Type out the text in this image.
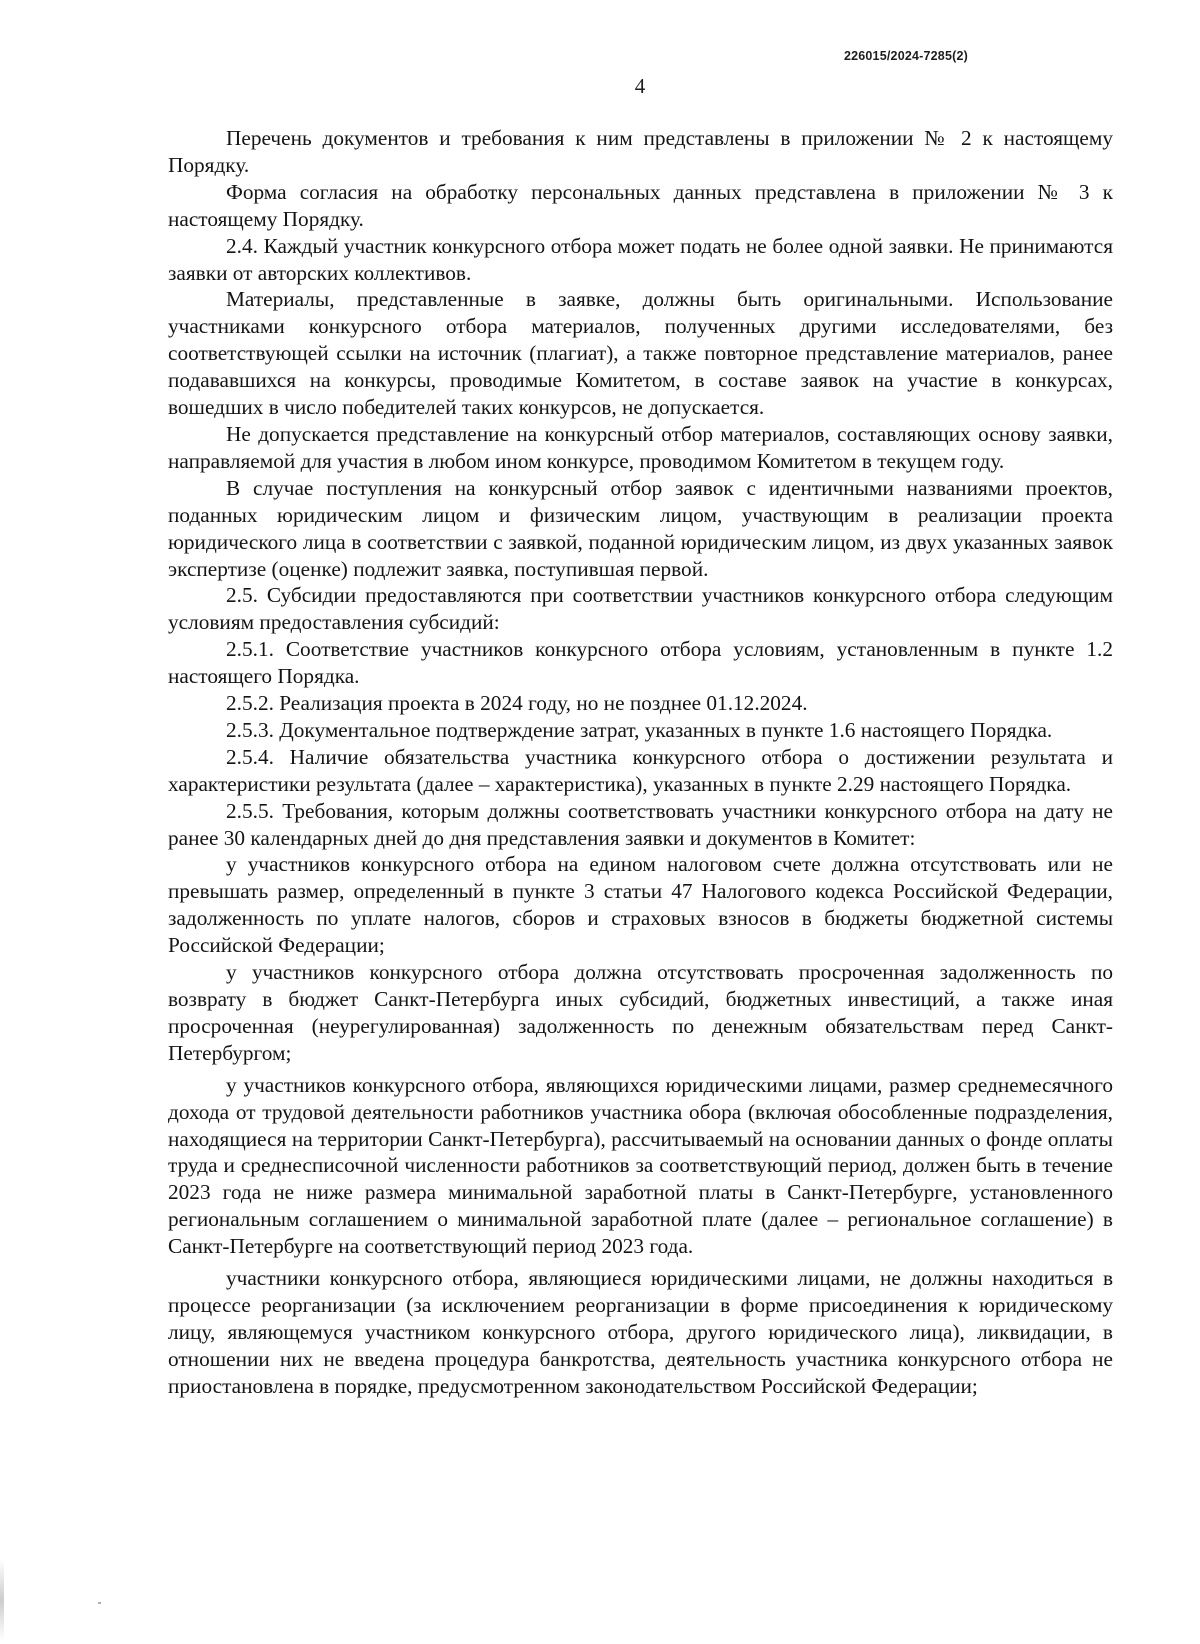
226015/2024-7285(2)
4

Перечень документов и требования к ним представлены в приложении № 2 к настоящему Порядку.

Форма согласия на обработку персональных данных представлена в приложении № 3 к настоящему Порядку.

2.4. Каждый участник конкурсного отбора может подать не более одной заявки. Не принимаются заявки от авторских коллективов.

Материалы, представленные в заявке, должны быть оригинальными. Использование участниками конкурсного отбора материалов, полученных другими исследователями, без соответствующей ссылки на источник (плагиат), а также повторное представление материалов, ранее подававшихся на конкурсы, проводимые Комитетом, в составе заявок на участие в конкурсах, вошедших в число победителей таких конкурсов, не допускается.

Не допускается представление на конкурсный отбор материалов, составляющих основу заявки, направляемой для участия в любом ином конкурсе, проводимом Комитетом в текущем году.

В случае поступления на конкурсный отбор заявок с идентичными названиями проектов, поданных юридическим лицом и физическим лицом, участвующим в реализации проекта юридического лица в соответствии с заявкой, поданной юридическим лицом, из двух указанных заявок экспертизе (оценке) подлежит заявка, поступившая первой.

2.5. Субсидии предоставляются при соответствии участников конкурсного отбора следующим условиям предоставления субсидий:

2.5.1. Соответствие участников конкурсного отбора условиям, установленным в пункте 1.2 настоящего Порядка.

2.5.2. Реализация проекта в 2024 году, но не позднее 01.12.2024.

2.5.3. Документальное подтверждение затрат, указанных в пункте 1.6 настоящего Порядка.

2.5.4. Наличие обязательства участника конкурсного отбора о достижении результата и характеристики результата (далее – характеристика), указанных в пункте 2.29 настоящего Порядка.

2.5.5. Требования, которым должны соответствовать участники конкурсного отбора на дату не ранее 30 календарных дней до дня представления заявки и документов в Комитет:

у участников конкурсного отбора на едином налоговом счете должна отсутствовать или не превышать размер, определенный в пункте 3 статьи 47 Налогового кодекса Российской Федерации, задолженность по уплате налогов, сборов и страховых взносов в бюджеты бюджетной системы Российской Федерации;

у участников конкурсного отбора должна отсутствовать просроченная задолженность по возврату в бюджет Санкт-Петербурга иных субсидий, бюджетных инвестиций, а также иная просроченная (неурегулированная) задолженность по денежным обязательствам перед Санкт-Петербургом;

у участников конкурсного отбора, являющихся юридическими лицами, размер среднемесячного дохода от трудовой деятельности работников участника обора (включая обособленные подразделения, находящиеся на территории Санкт-Петербурга), рассчитываемый на основании данных о фонде оплаты труда и среднесписочной численности работников за соответствующий период, должен быть в течение 2023 года не ниже размера минимальной заработной платы в Санкт-Петербурге, установленного региональным соглашением о минимальной заработной плате (далее – региональное соглашение) в Санкт-Петербурге на соответствующий период 2023 года.

участники конкурсного отбора, являющиеся юридическими лицами, не должны находиться в процессе реорганизации (за исключением реорганизации в форме присоединения к юридическому лицу, являющемуся участником конкурсного отбора, другого юридического лица), ликвидации, в отношении них не введена процедура банкротства, деятельность участника конкурсного отбора не приостановлена в порядке, предусмотренном законодательством Российской Федерации;
